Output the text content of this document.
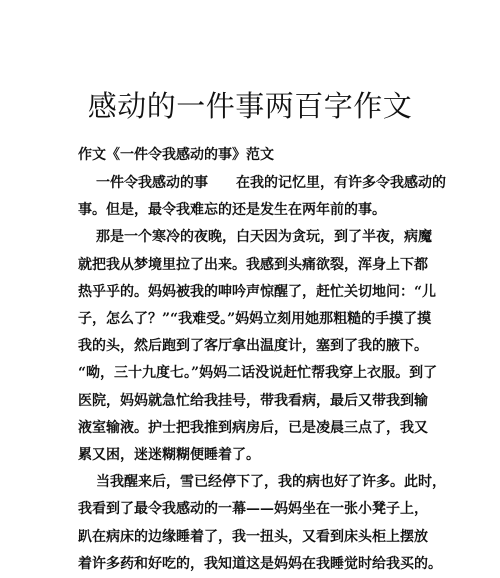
感动的一件事两百字作文

作文《一件令我感动的事》范文

一件令我感动的事　　在我的记忆里，有许多令我感动的
事。但是，最令我难忘的还是发生在两年前的事。
那是一个寒冷的夜晚，白天因为贪玩，到了半夜，病魔
就把我从梦境里拉了出来。我感到头痛欲裂，浑身上下都
热乎乎的。妈妈被我的呻吟声惊醒了，赶忙关切地问：“儿
子，怎么了？”“我难受。”妈妈立刻用她那粗糙的手摸了摸
我的头，然后跑到了客厅拿出温度计，塞到了我的腋下。
“呦，三十九度七。”妈妈二话没说赶忙帮我穿上衣服。到了
医院，妈妈就急忙给我挂号，带我看病，最后又带我到输
液室输液。护士把我推到病房后，已是凌晨三点了，我又
累又困，迷迷糊糊便睡着了。
当我醒来后，雪已经停下了，我的病也好了许多。此时，
我看到了最令我感动的一幕——妈妈坐在一张小凳子上，
趴在病床的边缘睡着了，我一扭头，又看到床头柜上摆放
着许多药和好吃的，我知道这是妈妈在我睡觉时给我买的。
